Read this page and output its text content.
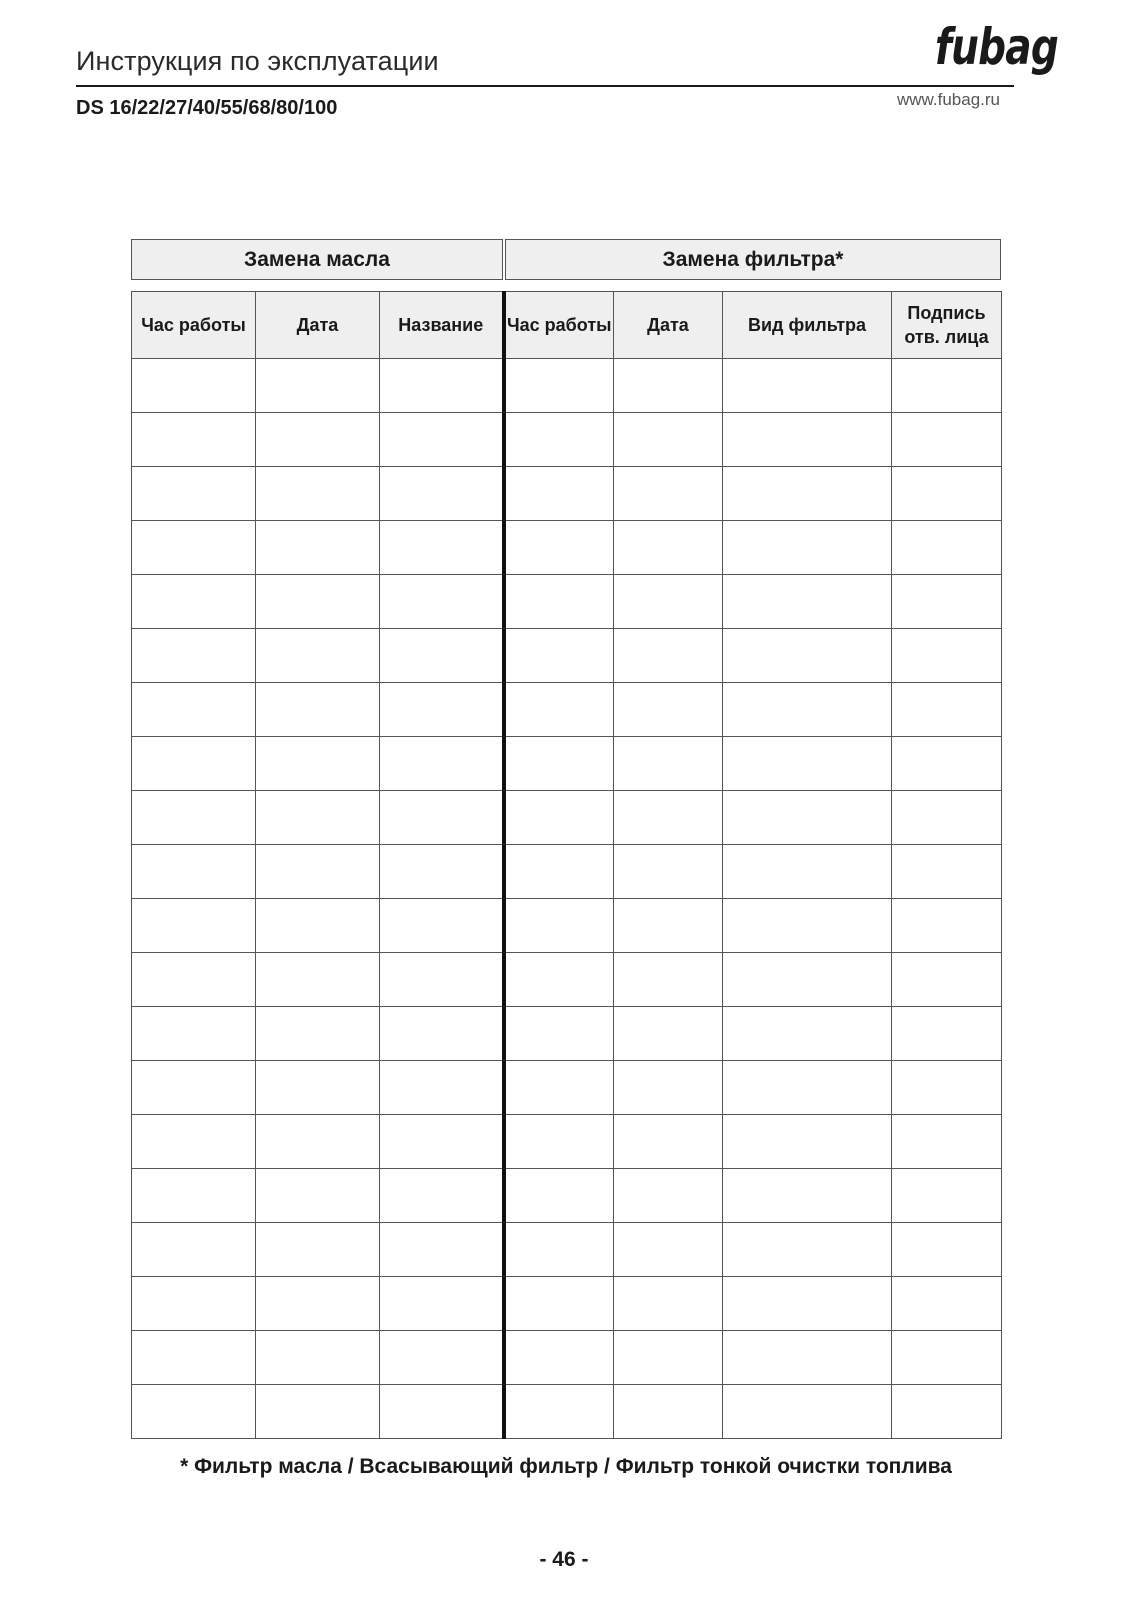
Инструкция по эксплуатации	fubag
DS 16/22/27/40/55/68/80/100	www.fubag.ru
Замена масла	Замена фильтра*
Час работы	Дата	Название	Час работы	Дата	Вид фильтра	Подпись отв. лица

* Фильтр масла / Всасывающий фильтр / Фильтр тонкой очистки топлива
- 46 -
